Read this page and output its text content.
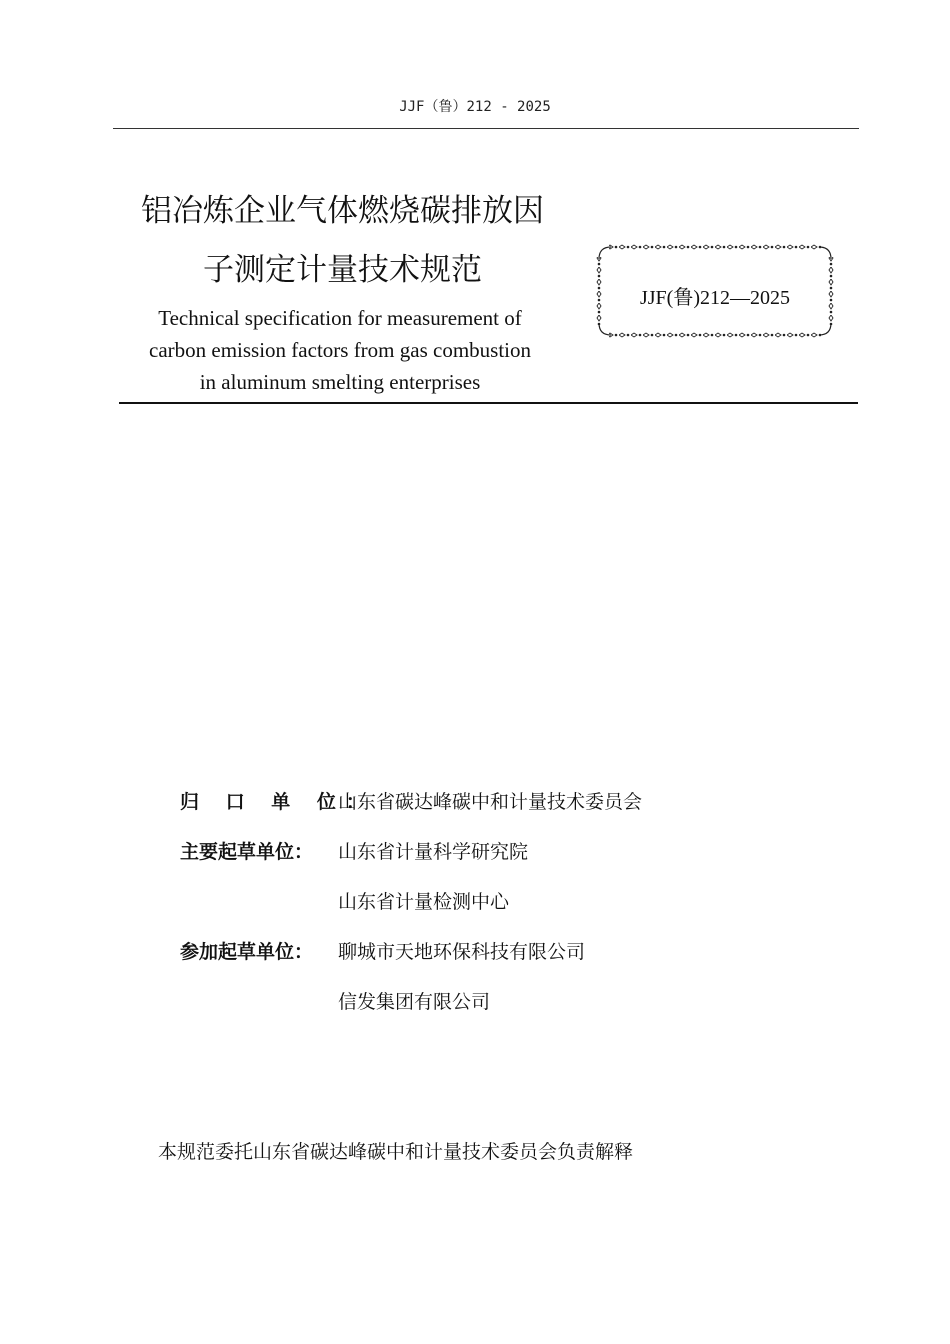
JJF（鲁）212 - 2025
铝冶炼企业气体燃烧碳排放因
子测定计量技术规范
Technical specification for measurement of
carbon emission factors from gas combustion
in aluminum smelting enterprises
JJF(鲁)212—2025
归 口 单 位：
山东省碳达峰碳中和计量技术委员会
主要起草单位：	山东省计量科学研究院
山东省计量检测中心
参加起草单位：	聊城市天地环保科技有限公司
信发集团有限公司
本规范委托山东省碳达峰碳中和计量技术委员会负责解释
